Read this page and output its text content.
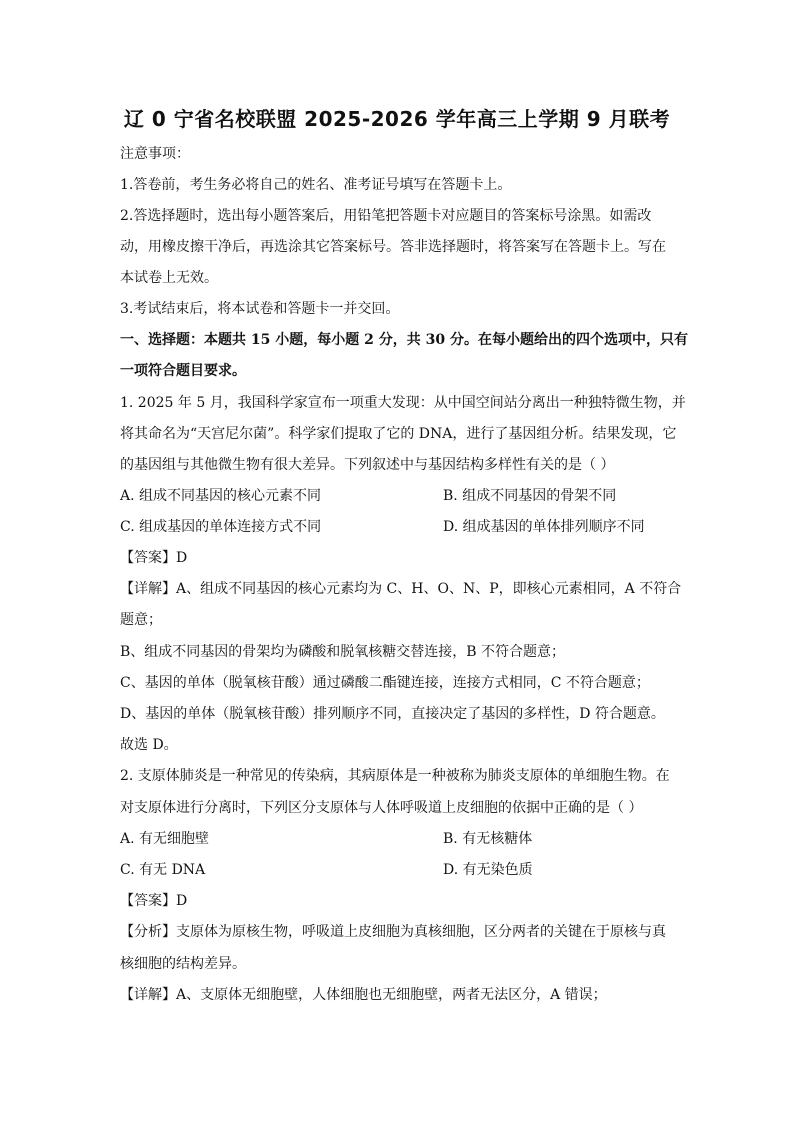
辽 0 宁省名校联盟 2025-2026 学年高三上学期 9 月联考
注意事项：
1.答卷前，考生务必将自己的姓名、准考证号填写在答题卡上。
2.答选择题时，选出每小题答案后，用铅笔把答题卡对应题目的答案标号涂黑。如需改
动，用橡皮擦干净后，再选涂其它答案标号。答非选择题时，将答案写在答题卡上。写在
本试卷上无效。
3.考试结束后，将本试卷和答题卡一并交回。
一、选择题：本题共 15 小题，每小题 2 分，共 30 分。在每小题给出的四个选项中，只有
一项符合题目要求。
1. 2025 年 5 月，我国科学家宣布一项重大发现：从中国空间站分离出一种独特微生物，并
将其命名为“天宫尼尔菌”。科学家们提取了它的 DNA，进行了基因组分析。结果发现，它
的基因组与其他微生物有很大差异。下列叙述中与基因结构多样性有关的是（ ）
A. 组成不同基因的核心元素不同	B. 组成不同基因的骨架不同
C. 组成基因的单体连接方式不同	D. 组成基因的单体排列顺序不同
【答案】D
【详解】A、组成不同基因的核心元素均为 C、H、O、N、P，即核心元素相同，A 不符合
题意；
B、组成不同基因的骨架均为磷酸和脱氧核糖交替连接，B 不符合题意；
C、基因的单体（脱氧核苷酸）通过磷酸二酯键连接，连接方式相同，C 不符合题意；
D、基因的单体（脱氧核苷酸）排列顺序不同，直接决定了基因的多样性，D 符合题意。
故选 D。
2. 支原体肺炎是一种常见的传染病，其病原体是一种被称为肺炎支原体的单细胞生物。在
对支原体进行分离时，下列区分支原体与人体呼吸道上皮细胞的依据中正确的是（ ）
A. 有无细胞壁	B. 有无核糖体
C. 有无 DNA	D. 有无染色质
【答案】D
【分析】支原体为原核生物，呼吸道上皮细胞为真核细胞，区分两者的关键在于原核与真
核细胞的结构差异。
【详解】A、支原体无细胞壁，人体细胞也无细胞壁，两者无法区分，A 错误；
